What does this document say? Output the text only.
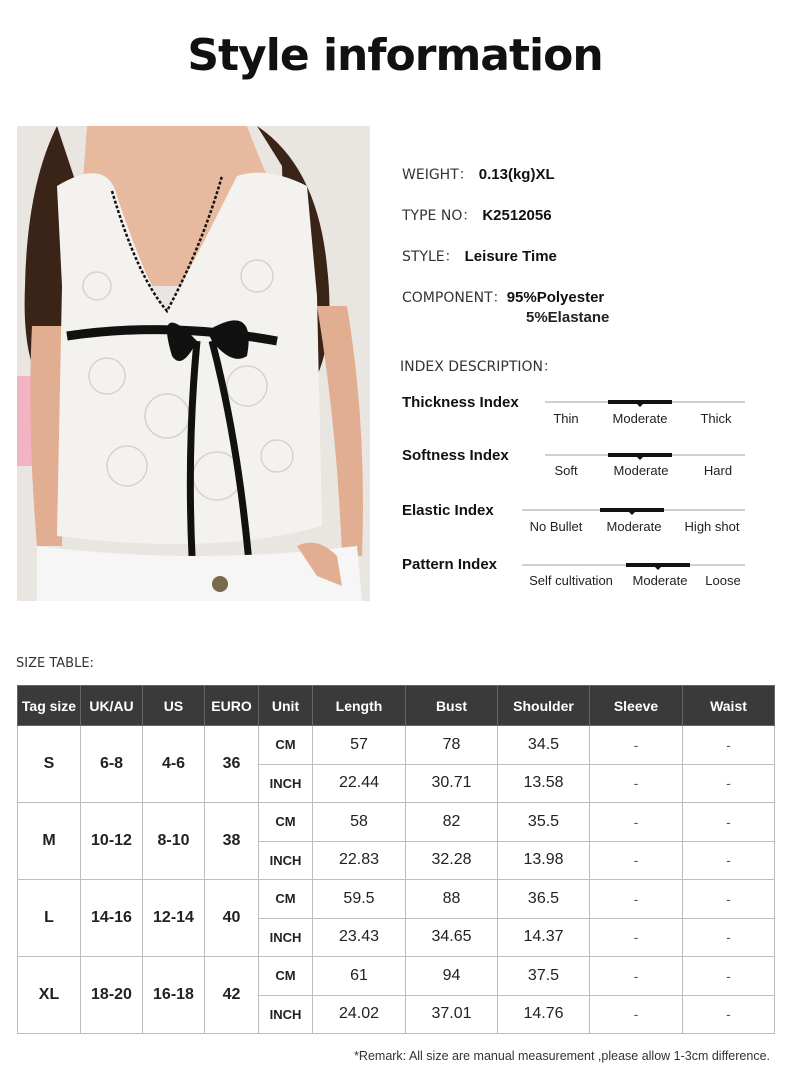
Style information
WEIGHT： 0.13(kg)XL
TYPE NO： K2512056
STYLE： Leisure Time
COMPONENT：95%Polyester
5%Elastane
INDEX DESCRIPTION：
Thickness Index
Thin	Moderate	Thick
Softness Index
Soft	Moderate	Hard
Elastic Index
No Bullet Moderate High shot
Pattern Index
Self cultivation Moderate Loose
SIZE TABLE:
Tag size	UK/AU	US	EURO	Unit	Length	Bust	Shoulder	Sleeve	Waist
S	6-8	4-6	36	CM	57	78	34.5	-	-
				INCH	22.44	30.71	13.58	-	-
M	10-12	8-10	38	CM	58	82	35.5	-	-
				INCH	22.83	32.28	13.98	-	-
L	14-16	12-14	40	CM	59.5	88	36.5	-	-
				INCH	23.43	34.65	14.37	-	-
XL	18-20	16-18	42	CM	61	94	37.5	-	-
				INCH	24.02	37.01	14.76	-	-
*Remark: All size are manual measurement ,please allow 1-3cm difference.
